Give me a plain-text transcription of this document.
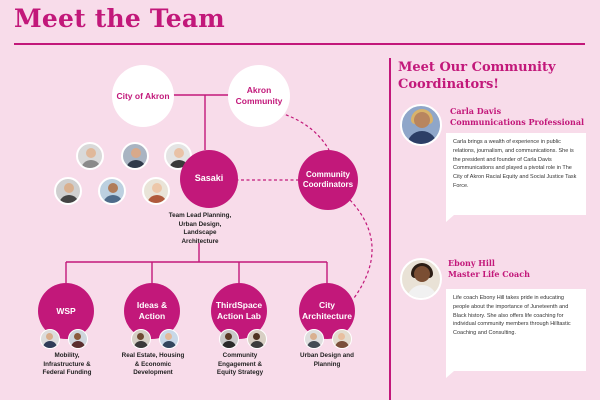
Meet the Team
City of Akron
Akron Community
Sasaki
Team Lead Planning, Urban Design, Landscape Architecture
Community Coordinators
WSP
Mobility, Infrastructure & Federal Funding
Ideas & Action
Real Estate, Housing & Economic Development
ThirdSpace Action Lab
Community Engagement & Equity Strategy
City Architecture
Urban Design and Planning
Meet Our Community Coordinators!
Carla Davis
Communications Professional
Carla brings a wealth of experience in public relations, journalism, and communications. She is the president and founder of Carla Davis Communications and played a pivotal role in The City of Akron Racial Equity and Social Justice Task Force.
Ebony Hill
Master Life Coach
Life coach Ebony Hill takes pride in educating people about the importance of Juneteenth and Black history. She also offers life coaching for individual community members through Hilltastic Coaching and Consulting.
